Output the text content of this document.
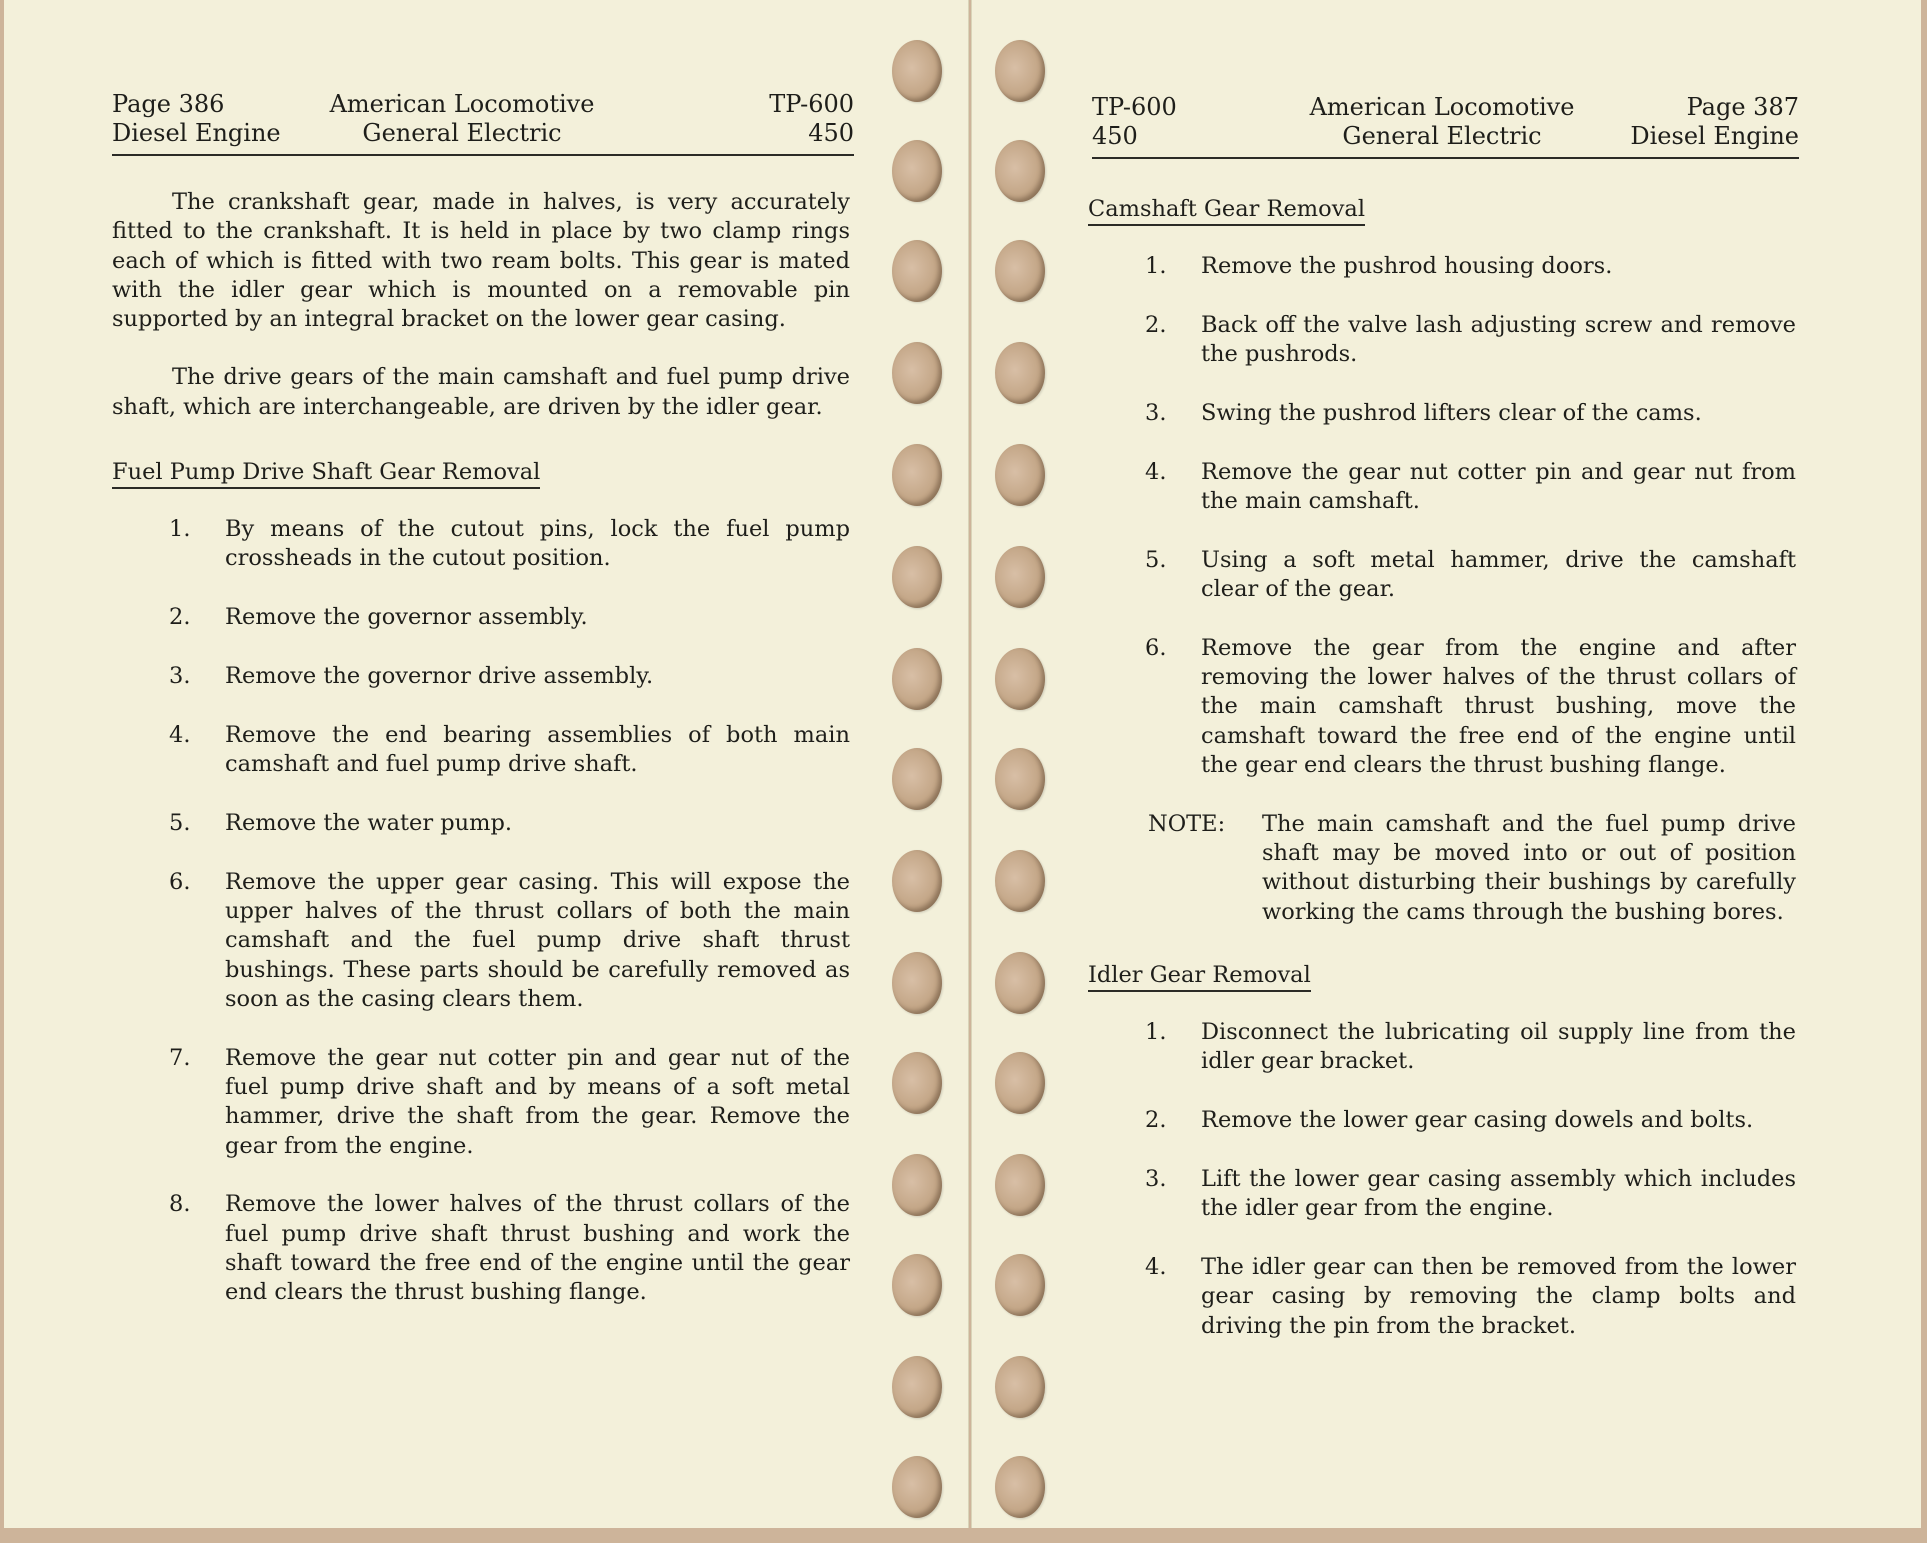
Page 386
Diesel Engine
American Locomotive
General Electric
TP-600
450

The crankshaft gear, made in halves, is very accurately fitted to the crankshaft. It is held in place by two clamp rings each of which is fitted with two ream bolts. This gear is mated with the idler gear which is mounted on a removable pin supported by an integral bracket on the lower gear casing.

The drive gears of the main camshaft and fuel pump drive shaft, which are interchangeable, are driven by the idler gear.

Fuel Pump Drive Shaft Gear Removal
1. By means of the cutout pins, lock the fuel pump crossheads in the cutout position.
2. Remove the governor assembly.
3. Remove the governor drive assembly.
4. Remove the end bearing assemblies of both main camshaft and fuel pump drive shaft.
5. Remove the water pump.
6. Remove the upper gear casing. This will expose the upper halves of the thrust collars of both the main camshaft and the fuel pump drive shaft thrust bushings. These parts should be carefully removed as soon as the casing clears them.
7. Remove the gear nut cotter pin and gear nut of the fuel pump drive shaft and by means of a soft metal hammer, drive the shaft from the gear. Remove the gear from the engine.
8. Remove the lower halves of the thrust collars of the fuel pump drive shaft thrust bushing and work the shaft toward the free end of the engine until the gear end clears the thrust bushing flange.
TP-600
450
American Locomotive
General Electric
Page 387
Diesel Engine
Camshaft Gear Removal
1. Remove the pushrod housing doors.
2. Back off the valve lash adjusting screw and remove the pushrods.
3. Swing the pushrod lifters clear of the cams.
4. Remove the gear nut cotter pin and gear nut from the main camshaft.
5. Using a soft metal hammer, drive the camshaft clear of the gear.
6. Remove the gear from the engine and after removing the lower halves of the thrust collars of the main camshaft thrust bushing, move the camshaft toward the free end of the engine until the gear end clears the thrust bushing flange.
NOTE: The main camshaft and the fuel pump drive shaft may be moved into or out of position without disturbing their bushings by carefully working the cams through the bushing bores.
Idler Gear Removal
1. Disconnect the lubricating oil supply line from the idler gear bracket.
2. Remove the lower gear casing dowels and bolts.
3. Lift the lower gear casing assembly which includes the idler gear from the engine.
4. The idler gear can then be removed from the lower gear casing by removing the clamp bolts and driving the pin from the bracket.
